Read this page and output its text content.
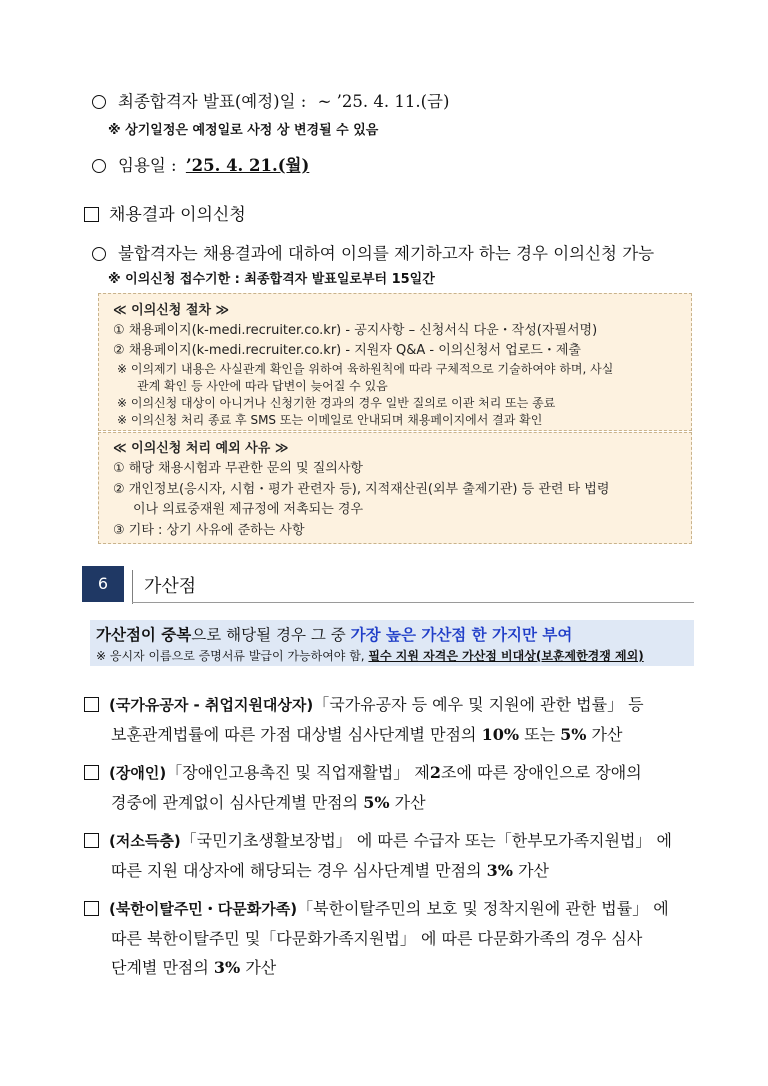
최종합격자 발표(예정)일 : ~ ’25. 4. 11.(금)
※ 상기일정은 예정일로 사정 상 변경될 수 있음
임용일 : ’25. 4. 21.(월)
채용결과 이의신청
불합격자는 채용결과에 대하여 이의를 제기하고자 하는 경우 이의신청 가능
※ 이의신청 접수기한 : 최종합격자 발표일로부터 15일간
≪ 이의신청 절차 ≫
① 채용페이지(k-medi.recruiter.co.kr) - 공지사항 – 신청서식 다운・작성(자필서명)
② 채용페이지(k-medi.recruiter.co.kr) - 지원자 Q&A - 이의신청서 업로드・제출
※ 이의제기 내용은 사실관계 확인을 위하여 육하원칙에 따라 구체적으로 기술하여야 하며, 사실
관계 확인 등 사안에 따라 답변이 늦어질 수 있음
※ 이의신청 대상이 아니거나 신청기한 경과의 경우 일반 질의로 이관 처리 또는 종료
※ 이의신청 처리 종료 후 SMS 또는 이메일로 안내되며 채용페이지에서 결과 확인
≪ 이의신청 처리 예외 사유 ≫
① 해당 채용시험과 무관한 문의 및 질의사항
② 개인정보(응시자, 시험・평가 관련자 등), 지적재산권(외부 출제기관) 등 관련 타 법령
이나 의료중재원 제규정에 저촉되는 경우
③ 기타 : 상기 사유에 준하는 사항
6	가산점
가산점이 중복으로 해당될 경우 그 중 가장 높은 가산점 한 가지만 부여
※ 응시자 이름으로 증명서류 발급이 가능하여야 함, 필수 지원 자격은 가산점 비대상(보훈제한경쟁 제외)
(국가유공자 - 취업지원대상자)「국가유공자 등 예우 및 지원에 관한 법률」 등
보훈관계법률에 따른 가점 대상별 심사단계별 만점의 10% 또는 5% 가산
(장애인)「장애인고용촉진 및 직업재활법」 제2조에 따른 장애인으로 장애의
경중에 관계없이 심사단계별 만점의 5% 가산
(저소득층)「국민기초생활보장법」 에 따른 수급자 또는「한부모가족지원법」 에
따른 지원 대상자에 해당되는 경우 심사단계별 만점의 3% 가산
(북한이탈주민・다문화가족)「북한이탈주민의 보호 및 정착지원에 관한 법률」 에
따른 북한이탈주민 및「다문화가족지원법」 에 따른 다문화가족의 경우 심사
단계별 만점의 3% 가산
